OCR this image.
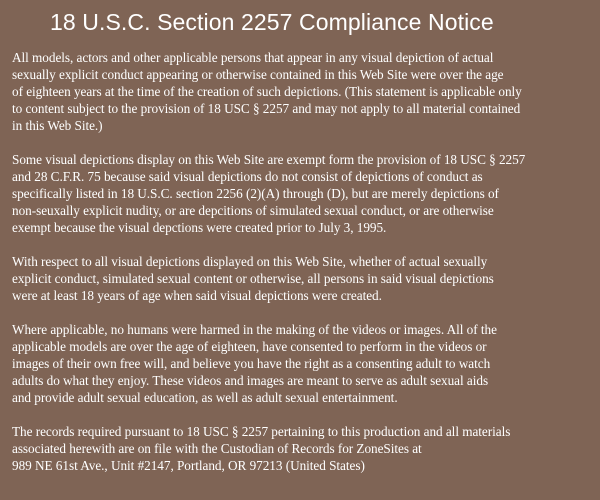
18 U.S.C. Section 2257 Compliance Notice

All models, actors and other applicable persons that appear in any visual depiction of actual
sexually explicit conduct appearing or otherwise contained in this Web Site were over the age
of eighteen years at the time of the creation of such depictions. (This statement is applicable only
to content subject to the provision of 18 USC § 2257 and may not apply to all material contained
in this Web Site.)

Some visual depictions display on this Web Site are exempt form the provision of 18 USC § 2257
and 28 C.F.R. 75 because said visual depictions do not consist of depictions of conduct as
specifically listed in 18 U.S.C. section 2256 (2)(A) through (D), but are merely depictions of
non-seuxally explicit nudity, or are depcitions of simulated sexual conduct, or are otherwise
exempt because the visual depctions were created prior to July 3, 1995.

With respect to all visual depictions displayed on this Web Site, whether of actual sexually
explicit conduct, simulated sexual content or otherwise, all persons in said visual depictions
were at least 18 years of age when said visual depictions were created.

Where applicable, no humans were harmed in the making of the videos or images. All of the
applicable models are over the age of eighteen, have consented to perform in the videos or
images of their own free will, and believe you have the right as a consenting adult to watch
adults do what they enjoy. These videos and images are meant to serve as adult sexual aids
and provide adult sexual education, as well as adult sexual entertainment.

The records required pursuant to 18 USC § 2257 pertaining to this production and all materials
associated herewith are on file with the Custodian of Records for ZoneSites at
989 NE 61st Ave., Unit #2147, Portland, OR 97213 (United States)
